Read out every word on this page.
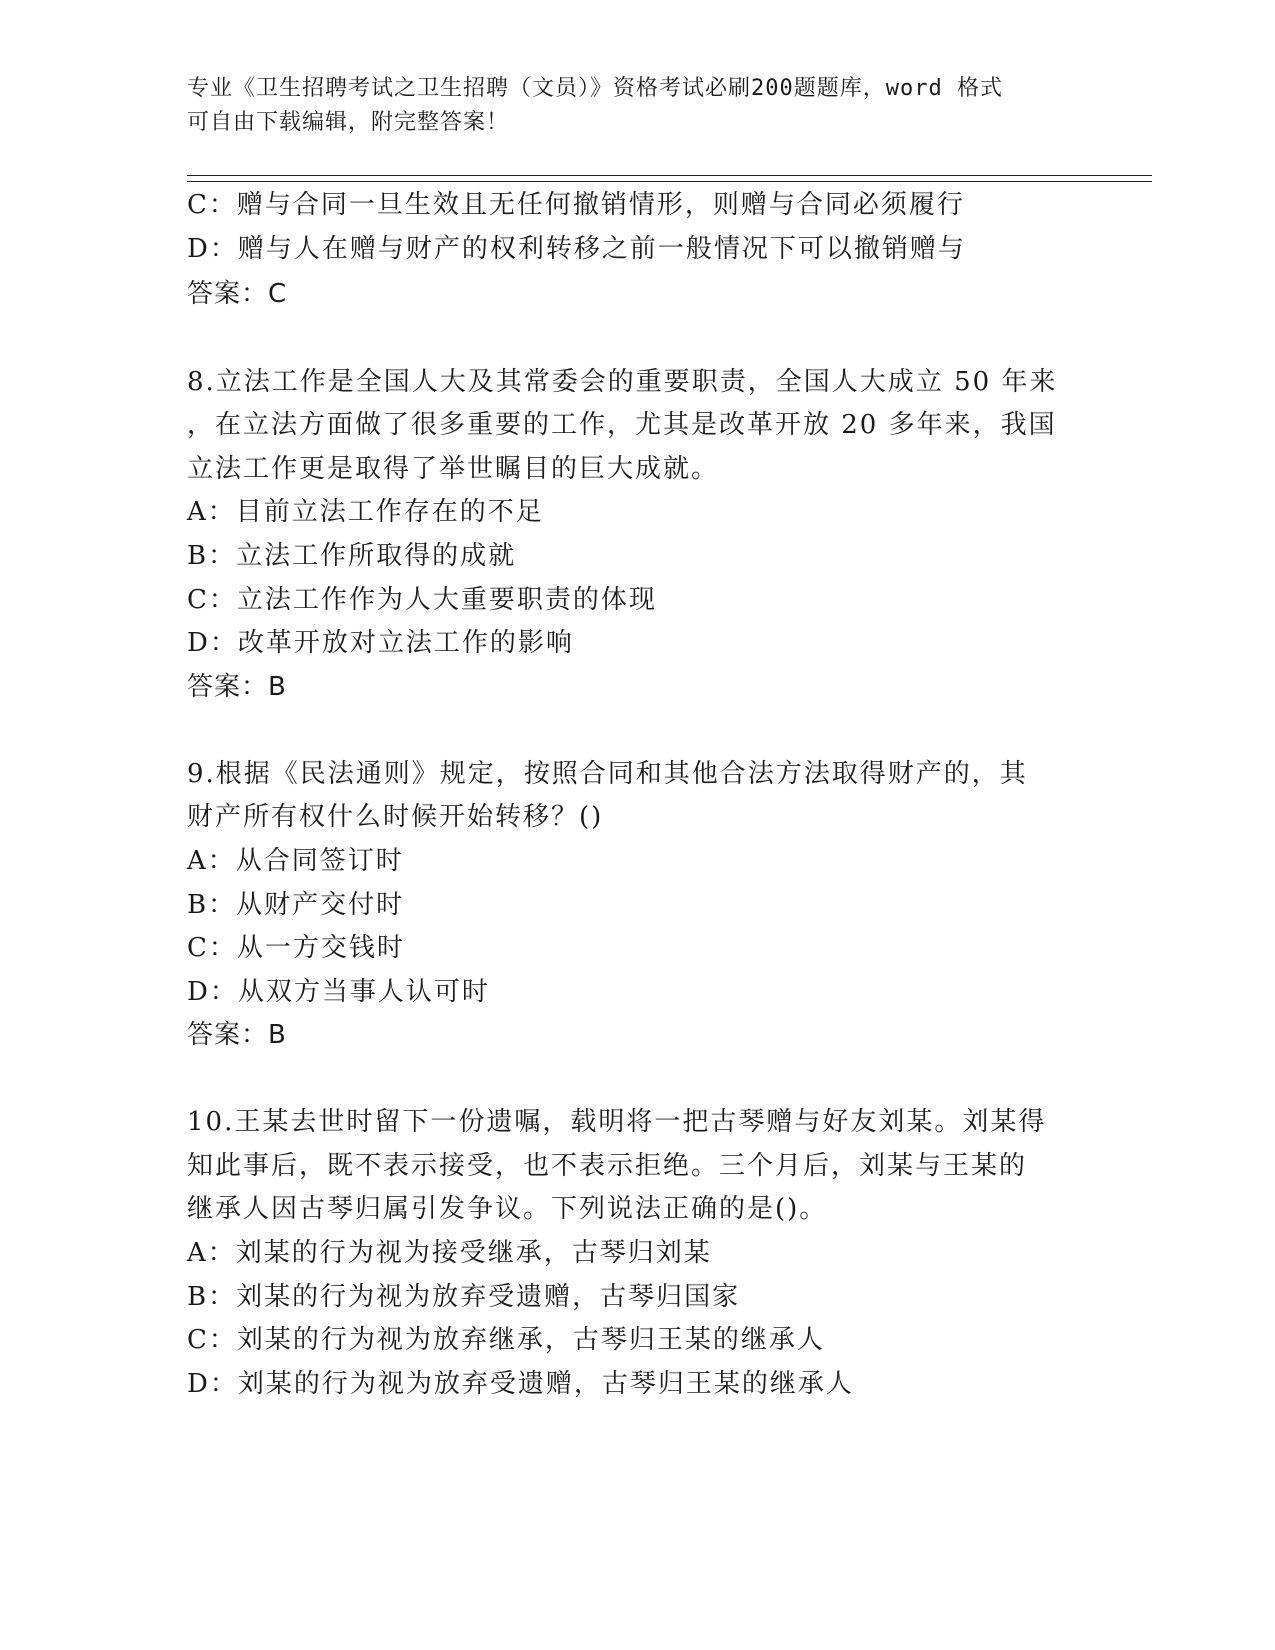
专业《卫生招聘考试之卫生招聘（文员）》资格考试必刷200题题库，word 格式
可自由下载编辑，附完整答案！
C：赠与合同一旦生效且无任何撤销情形，则赠与合同必须履行
D：赠与人在赠与财产的权利转移之前一般情况下可以撤销赠与
答案：C
8.立法工作是全国人大及其常委会的重要职责，全国人大成立 50 年来
，在立法方面做了很多重要的工作，尤其是改革开放 20 多年来，我国
立法工作更是取得了举世瞩目的巨大成就。
A：目前立法工作存在的不足
B：立法工作所取得的成就
C：立法工作作为人大重要职责的体现
D：改革开放对立法工作的影响
答案：B
9.根据《民法通则》规定，按照合同和其他合法方法取得财产的，其
财产所有权什么时候开始转移？()
A：从合同签订时
B：从财产交付时
C：从一方交钱时
D：从双方当事人认可时
答案：B
10.王某去世时留下一份遗嘱，载明将一把古琴赠与好友刘某。刘某得
知此事后，既不表示接受，也不表示拒绝。三个月后，刘某与王某的
继承人因古琴归属引发争议。下列说法正确的是()。
A：刘某的行为视为接受继承，古琴归刘某
B：刘某的行为视为放弃受遗赠，古琴归国家
C：刘某的行为视为放弃继承，古琴归王某的继承人
D：刘某的行为视为放弃受遗赠，古琴归王某的继承人
